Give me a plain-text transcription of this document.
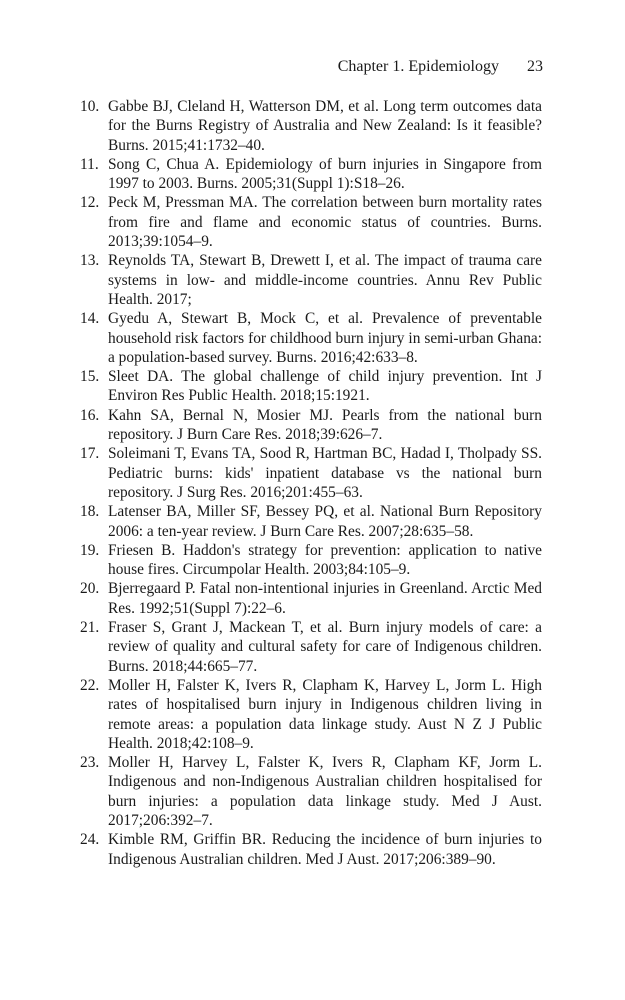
Chapter 1. Epidemiology 23
10. Gabbe BJ, Cleland H, Watterson DM, et al. Long term outcomes data for the Burns Registry of Australia and New Zealand: Is it feasible? Burns. 2015;41:1732–40.
11. Song C, Chua A. Epidemiology of burn injuries in Singapore from 1997 to 2003. Burns. 2005;31(Suppl 1):S18–26.
12. Peck M, Pressman MA. The correlation between burn mortality rates from fire and flame and economic status of countries. Burns. 2013;39:1054–9.
13. Reynolds TA, Stewart B, Drewett I, et al. The impact of trauma care systems in low- and middle-income countries. Annu Rev Public Health. 2017;
14. Gyedu A, Stewart B, Mock C, et al. Prevalence of preventable household risk factors for childhood burn injury in semi-urban Ghana: a population-based survey. Burns. 2016;42:633–8.
15. Sleet DA. The global challenge of child injury prevention. Int J Environ Res Public Health. 2018;15:1921.
16. Kahn SA, Bernal N, Mosier MJ. Pearls from the national burn repository. J Burn Care Res. 2018;39:626–7.
17. Soleimani T, Evans TA, Sood R, Hartman BC, Hadad I, Tholpady SS. Pediatric burns: kids' inpatient database vs the national burn repository. J Surg Res. 2016;201:455–63.
18. Latenser BA, Miller SF, Bessey PQ, et al. National Burn Repository 2006: a ten-year review. J Burn Care Res. 2007;28:635–58.
19. Friesen B. Haddon's strategy for prevention: application to native house fires. Circumpolar Health. 2003;84:105–9.
20. Bjerregaard P. Fatal non-intentional injuries in Greenland. Arctic Med Res. 1992;51(Suppl 7):22–6.
21. Fraser S, Grant J, Mackean T, et al. Burn injury models of care: a review of quality and cultural safety for care of Indigenous children. Burns. 2018;44:665–77.
22. Moller H, Falster K, Ivers R, Clapham K, Harvey L, Jorm L. High rates of hospitalised burn injury in Indigenous children living in remote areas: a population data linkage study. Aust N Z J Public Health. 2018;42:108–9.
23. Moller H, Harvey L, Falster K, Ivers R, Clapham KF, Jorm L. Indigenous and non-Indigenous Australian children hospitalised for burn injuries: a population data linkage study. Med J Aust. 2017;206:392–7.
24. Kimble RM, Griffin BR. Reducing the incidence of burn injuries to Indigenous Australian children. Med J Aust. 2017;206:389–90.
